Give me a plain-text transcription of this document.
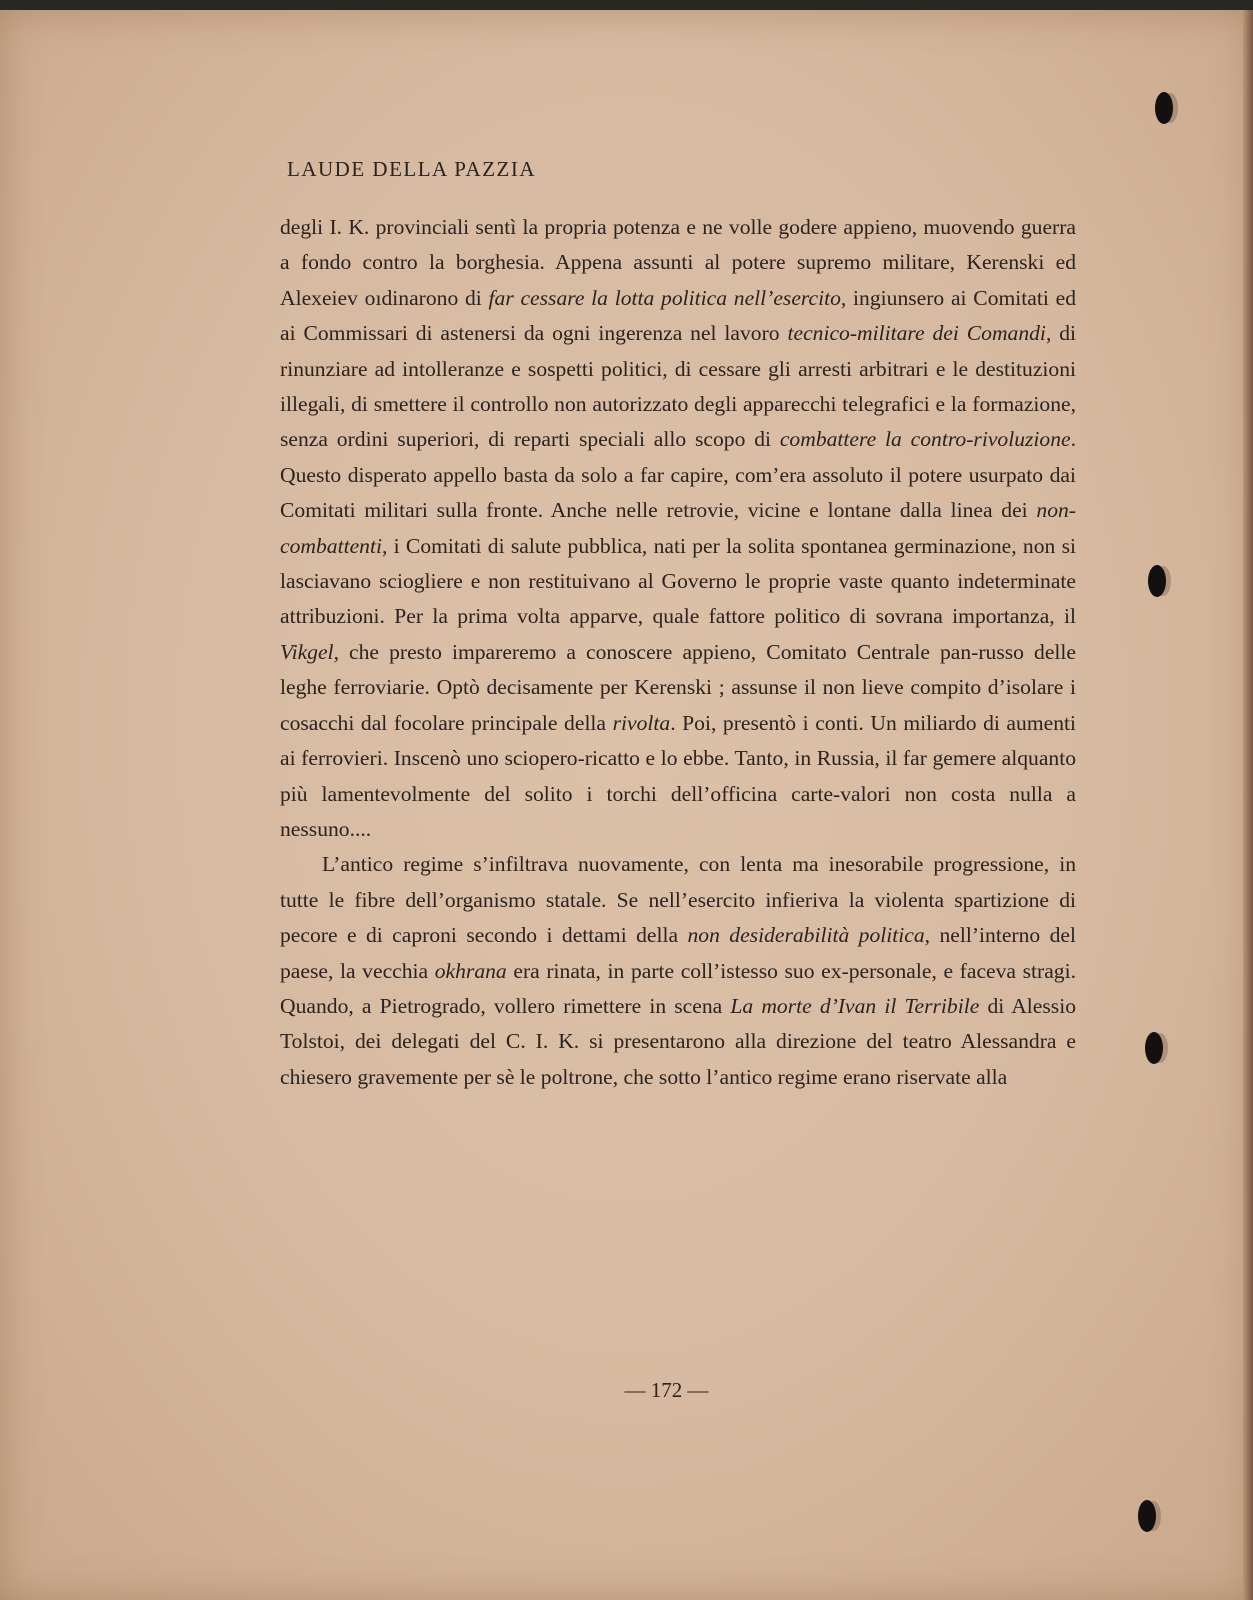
LAUDE DELLA PAZZIA

degli I. K. provinciali sentì la propria potenza e ne volle godere appieno, muovendo guerra a fondo contro la borghesia. Appena assunti al potere supremo militare, Kerenski ed Alexeiev oıdinarono di far cessare la lotta politica nell’esercito, ingiunsero ai Comitati ed ai Commissari di astenersi da ogni ingerenza nel lavoro tecnico-militare dei Comandi, di rinunziare ad intolleranze e sospetti politici, di cessare gli arresti arbitrari e le destituzioni illegali, di smettere il controllo non autorizzato degli apparecchi telegrafici e la formazione, senza ordini superiori, di reparti speciali allo scopo di combattere la contro-rivoluzione. Questo disperato appello basta da solo a far capire, com’era assoluto il potere usurpato dai Comitati militari sulla fronte. Anche nelle retrovie, vicine e lontane dalla linea dei non-combattenti, i Comitati di salute pubblica, nati per la solita spontanea germinazione, non si lasciavano sciogliere e non restituivano al Governo le proprie vaste quanto indeterminate attribuzioni. Per la prima volta apparve, quale fattore politico di sovrana importanza, il Vikgel, che presto impareremo a conoscere appieno, Comitato Centrale pan-russo delle leghe ferroviarie. Optò decisamente per Kerenski ; assunse il non lieve compito d’isolare i cosacchi dal focolare principale della rivolta. Poi, presentò i conti. Un miliardo di aumenti ai ferrovieri. Inscenò uno sciopero-ricatto e lo ebbe. Tanto, in Russia, il far gemere alquanto più lamentevolmente del solito i torchi dell’officina carte-valori non costa nulla a nessuno....

L’antico regime s’infiltrava nuovamente, con lenta ma inesorabile progressione, in tutte le fibre dell’organismo statale. Se nell’esercito infieriva la violenta spartizione di pecore e di caproni secondo i dettami della non desiderabilità politica, nell’interno del paese, la vecchia okhrana era rinata, in parte coll’istesso suo ex-personale, e faceva stragi. Quando, a Pietrogrado, vollero rimettere in scena La morte d’Ivan il Terribile di Alessio Tolstoi, dei delegati del C. I. K. si presentarono alla direzione del teatro Alessandra e chiesero gravemente per sè le poltrone, che sotto l’antico regime erano riservate alla

— 172 —
